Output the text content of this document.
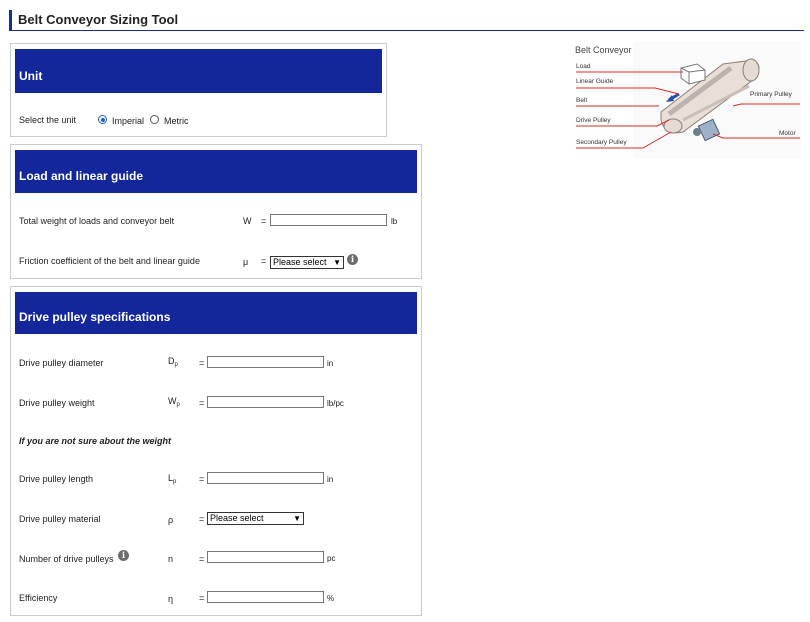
Belt Conveyor Sizing Tool
Unit
Select the unit	Imperial Metric
Load and linear guide
Total weight of loads and conveyor belt	W =	lb
Friction coefficient of the belt and linear guide	μ = Please select ▼	i
Drive pulley specifications
Drive pulley diameter	$D_p$ =	in
Drive pulley weight	$W_p$ =	lb/pc
If you are not sure about the weight
Drive pulley length	$L_p$	=	in
Drive pulley material	ρ	= Please select	▼
Number of drive pulleys	i	n	=	pc
Efficiency	η	=	%
Belt Conveyor
Load
Linear Guide
Belt
Drive Pulley
Secondary Pulley
Primary Pulley
Motor
